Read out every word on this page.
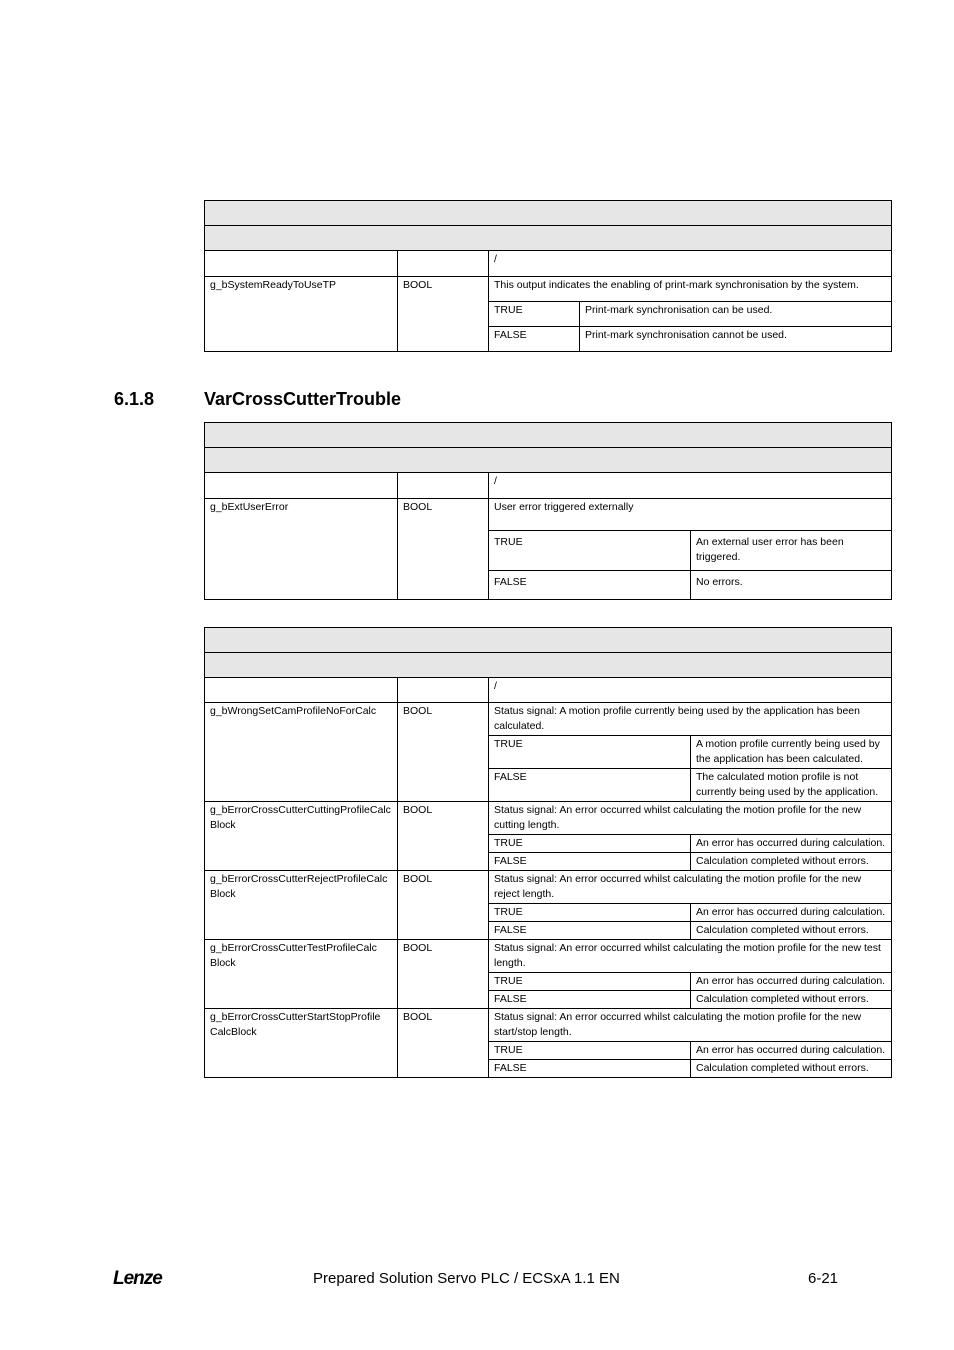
		/	
g_bSystemReadyToUseTP	BOOL	This output indicates the enabling of print-mark synchronisation by the system.	
		TRUE	Print-mark synchronisation can be used.
		FALSE	Print-mark synchronisation cannot be used.
6.1.8	VarCrossCutterTrouble

		/	
g_bExtUserError	BOOL	User error triggered externally	
		TRUE	An external user error has been triggered.
		FALSE	No errors.

		/	
g_bWrongSetCamProfileNoForCalc	BOOL	Status signal: A motion profile currently being used by the application has been calculated.	
		TRUE	A motion profile currently being used by the application has been calculated.
		FALSE	The calculated motion profile is not currently being used by the application.
g_bErrorCrossCutterCuttingProfileCalc Block	BOOL	Status signal: An error occurred whilst calculating the motion profile for the new cutting length.	
		TRUE	An error has occurred during calculation.
		FALSE	Calculation completed without errors.
g_bErrorCrossCutterRejectProfileCalc Block	BOOL	Status signal: An error occurred whilst calculating the motion profile for the new reject length.	
		TRUE	An error has occurred during calculation.
		FALSE	Calculation completed without errors.
g_bErrorCrossCutterTestProfileCalc Block	BOOL	Status signal: An error occurred whilst calculating the motion profile for the new test length.	
		TRUE	An error has occurred during calculation.
		FALSE	Calculation completed without errors.
g_bErrorCrossCutterStartStopProfile CalcBlock	BOOL	Status signal: An error occurred whilst calculating the motion profile for the new start/stop length.	
		TRUE	An error has occurred during calculation.
		FALSE	Calculation completed without errors.
Lenze	Prepared Solution Servo PLC / ECSxA 1.1 EN	6-21
